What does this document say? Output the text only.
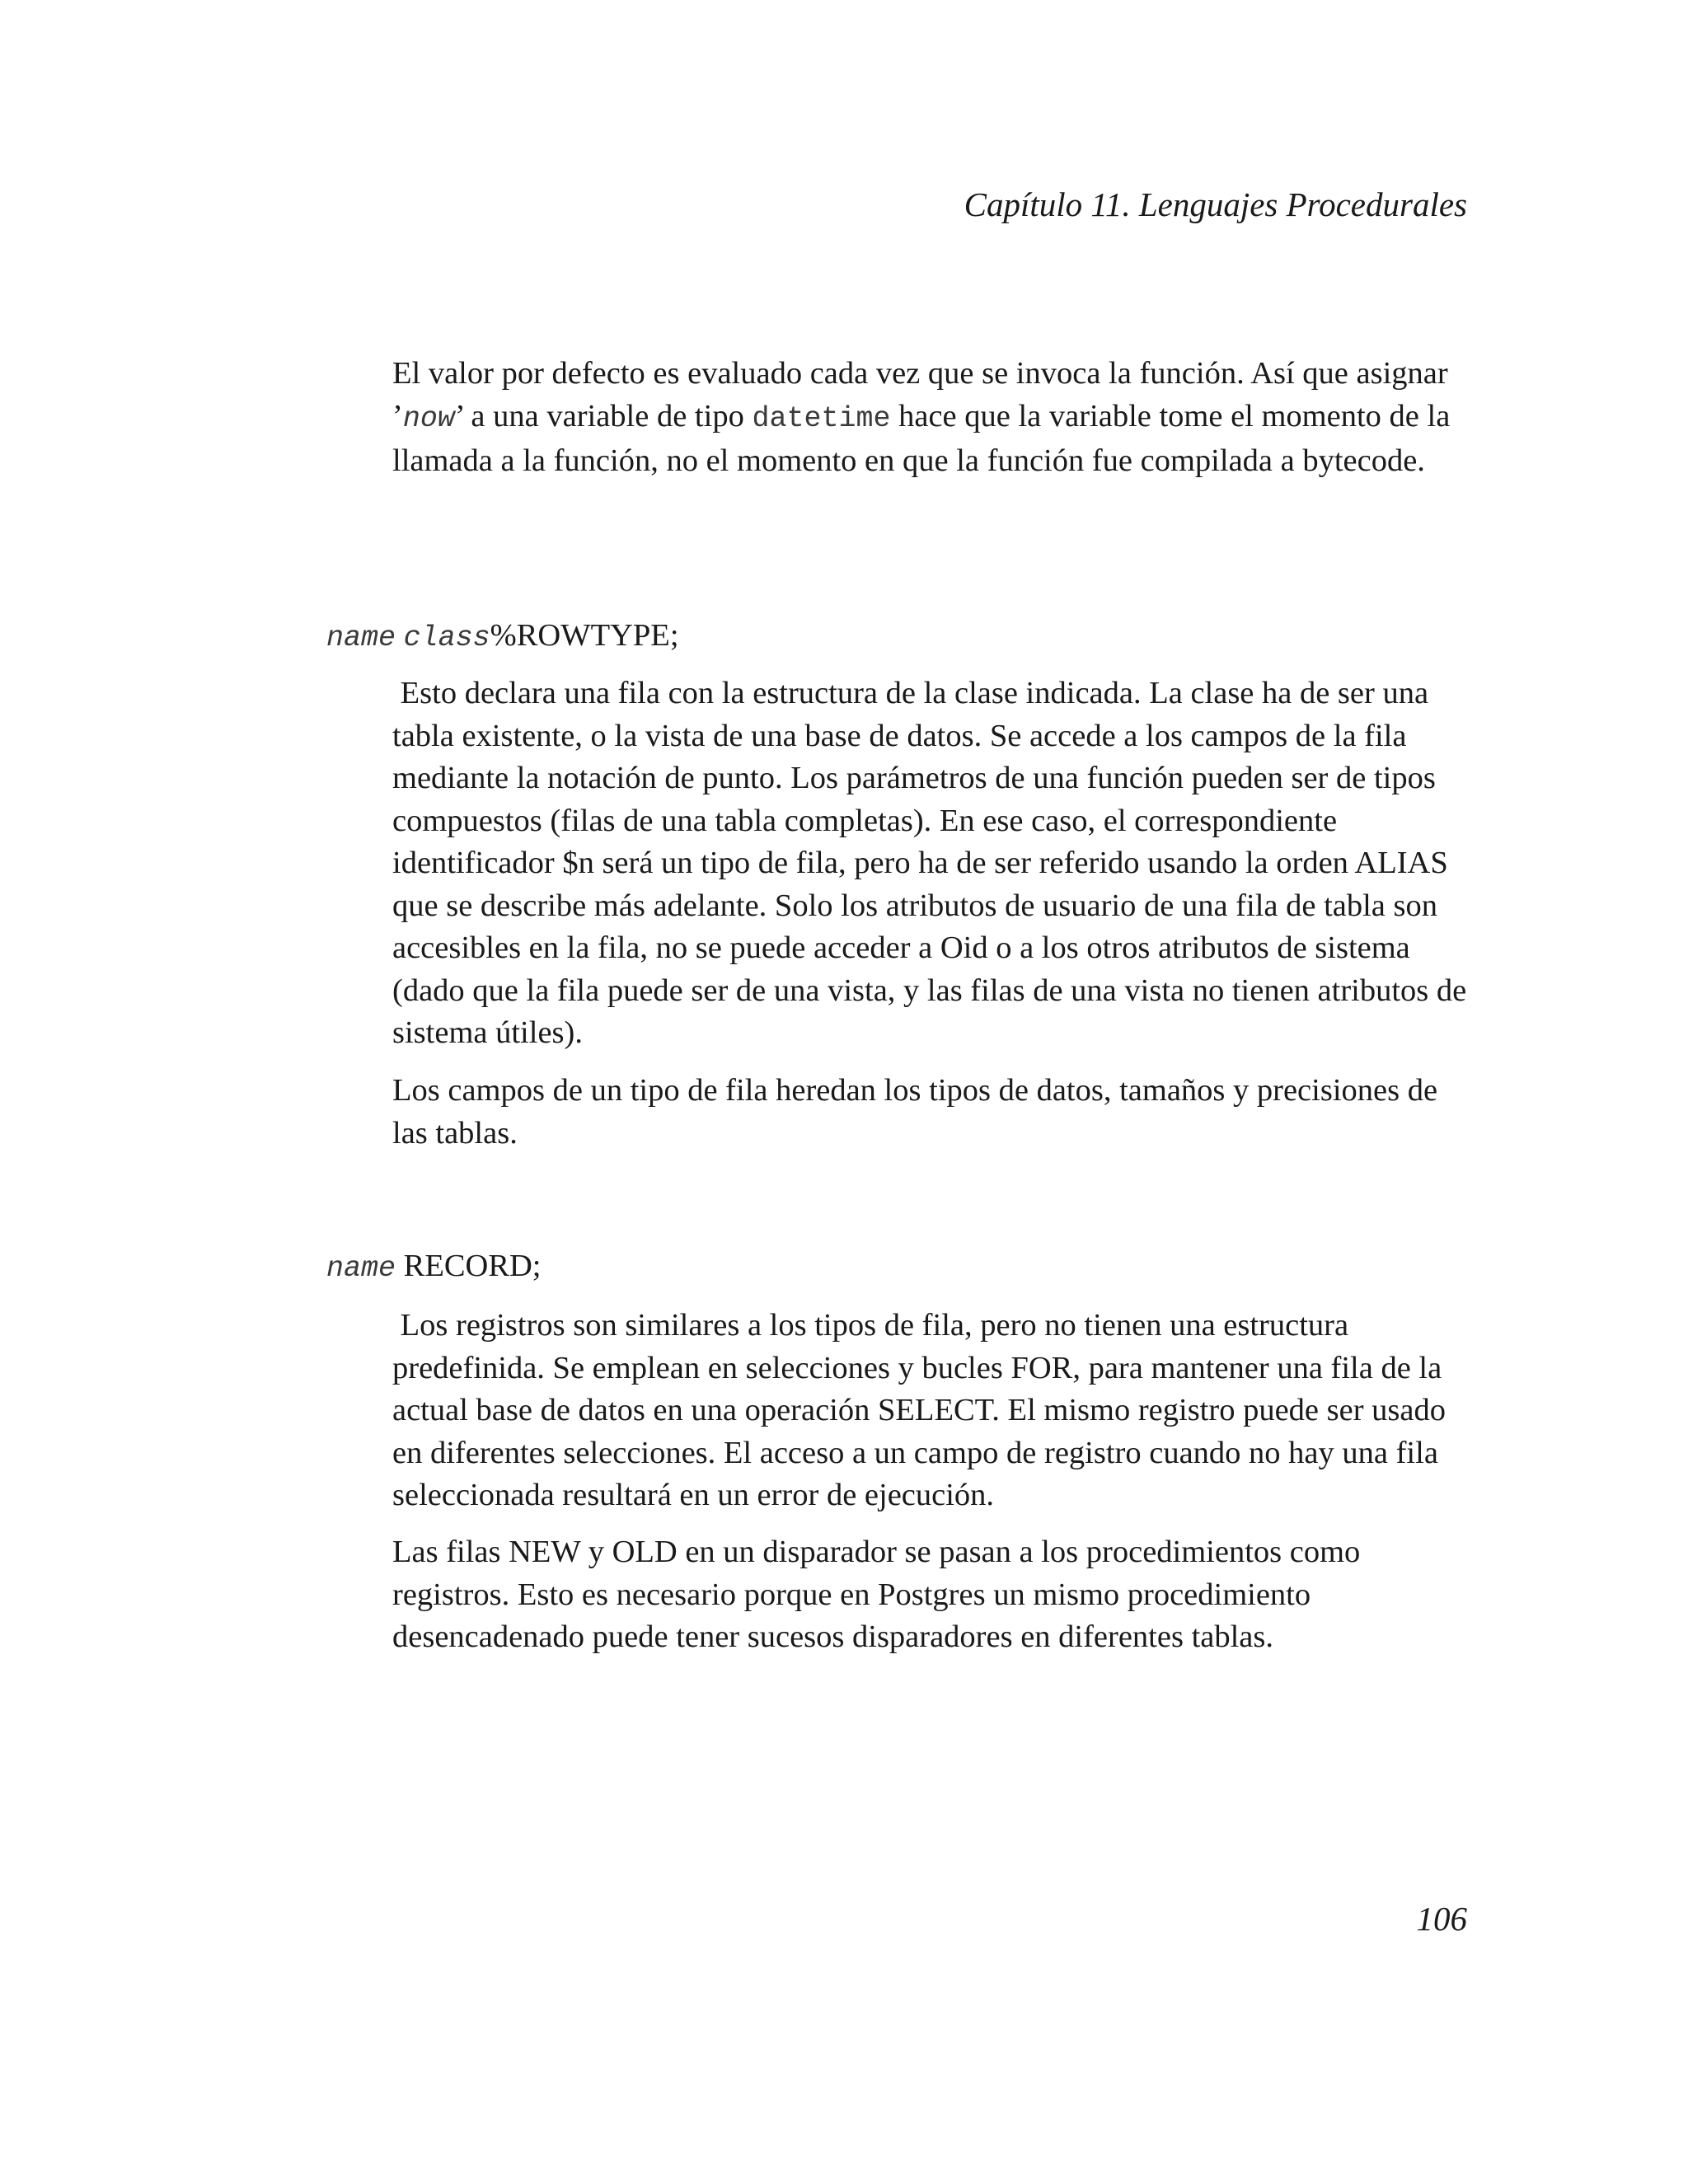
Capítulo 11. Lenguajes Procedurales

El valor por defecto es evaluado cada vez que se invoca la función. Así que asignar ’now’ a una variable de tipo datetime hace que la variable tome el momento de la llamada a la función, no el momento en que la función fue compilada a bytecode.

name class%ROWTYPE;

Esto declara una fila con la estructura de la clase indicada. La clase ha de ser una tabla existente, o la vista de una base de datos. Se accede a los campos de la fila mediante la notación de punto. Los parámetros de una función pueden ser de tipos compuestos (filas de una tabla completas). En ese caso, el correspondiente identificador $n será un tipo de fila, pero ha de ser referido usando la orden ALIAS que se describe más adelante. Solo los atributos de usuario de una fila de tabla son accesibles en la fila, no se puede acceder a Oid o a los otros atributos de sistema (dado que la fila puede ser de una vista, y las filas de una vista no tienen atributos de sistema útiles).

Los campos de un tipo de fila heredan los tipos de datos, tamaños y precisiones de las tablas.

name RECORD;

Los registros son similares a los tipos de fila, pero no tienen una estructura predefinida. Se emplean en selecciones y bucles FOR, para mantener una fila de la actual base de datos en una operación SELECT. El mismo registro puede ser usado en diferentes selecciones. El acceso a un campo de registro cuando no hay una fila seleccionada resultará en un error de ejecución.

Las filas NEW y OLD en un disparador se pasan a los procedimientos como registros. Esto es necesario porque en Postgres un mismo procedimiento desencadenado puede tener sucesos disparadores en diferentes tablas.

106
